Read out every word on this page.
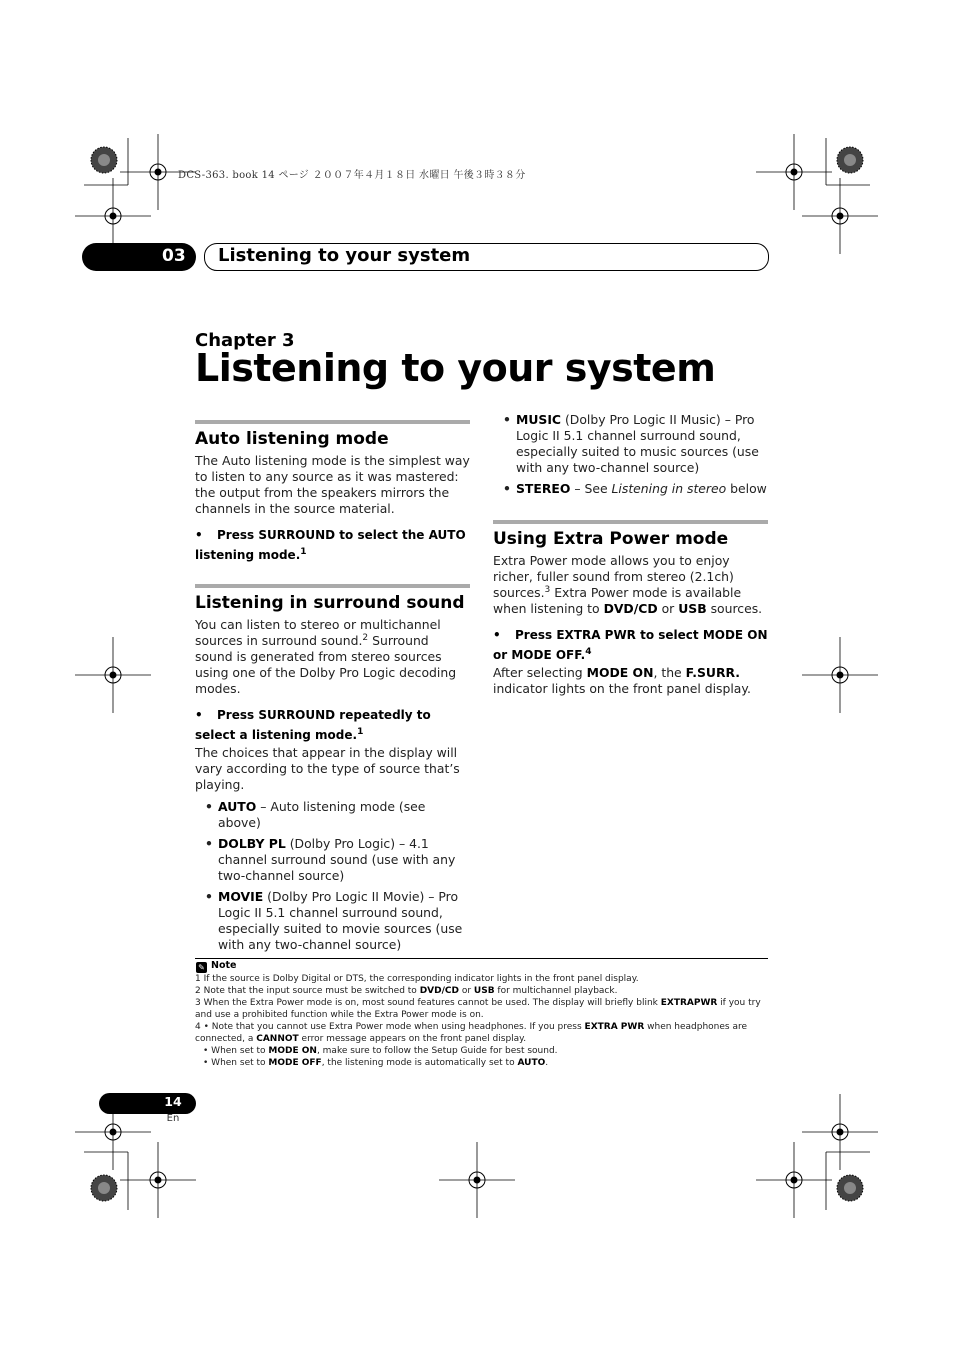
DCS-363. book 14 ページ ２００７年４月１８日 水曜日 午後３時３８分
03 Listening to your system
Chapter 3
Listening to your system
Auto listening mode

The Auto listening mode is the simplest way to listen to any source as it was mastered: the output from the speakers mirrors the channels in the source material.

• Press SURROUND to select the AUTO listening mode.$^1$
Listening in surround sound

You can listen to stereo or multichannel sources in surround sound.$^2$ Surround sound is generated from stereo sources using one of the Dolby Pro Logic decoding modes.

• Press SURROUND repeatedly to select a listening mode.$^1$

The choices that appear in the display will vary according to the type of source that’s playing.

• AUTO – Auto listening mode (see above)
• DOLBY PL (Dolby Pro Logic) – 4.1 channel surround sound (use with any two-channel source)
• MOVIE (Dolby Pro Logic II Movie) – Pro Logic II 5.1 channel surround sound, especially suited to movie sources (use with any two-channel source)
• MUSIC (Dolby Pro Logic II Music) – Pro Logic II 5.1 channel surround sound, especially suited to music sources (use with any two-channel source)
• STEREO – See Listening in stereo below
Using Extra Power mode

Extra Power mode allows you to enjoy richer, fuller sound from stereo (2.1ch) sources.$^3$ Extra Power mode is available when listening to DVD/CD or USB sources.

• Press EXTRA PWR to select MODE ON or MODE OFF.$^4$

After selecting MODE ON, the F.SURR. indicator lights on the front panel display.

✎ Note
1 If the source is Dolby Digital or DTS, the corresponding indicator lights in the front panel display.
2 Note that the input source must be switched to DVD/CD or USB for multichannel playback.
3 When the Extra Power mode is on, most sound features cannot be used. The display will briefly blink EXTRAPWR if you try and use a prohibited function while the Extra Power mode is on.
4 • Note that you cannot use Extra Power mode when using headphones. If you press EXTRA PWR when headphones are connected, a CANNOT error message appears on the front panel display.
• When set to MODE ON, make sure to follow the Setup Guide for best sound.
• When set to MODE OFF, the listening mode is automatically set to AUTO.
14
En
